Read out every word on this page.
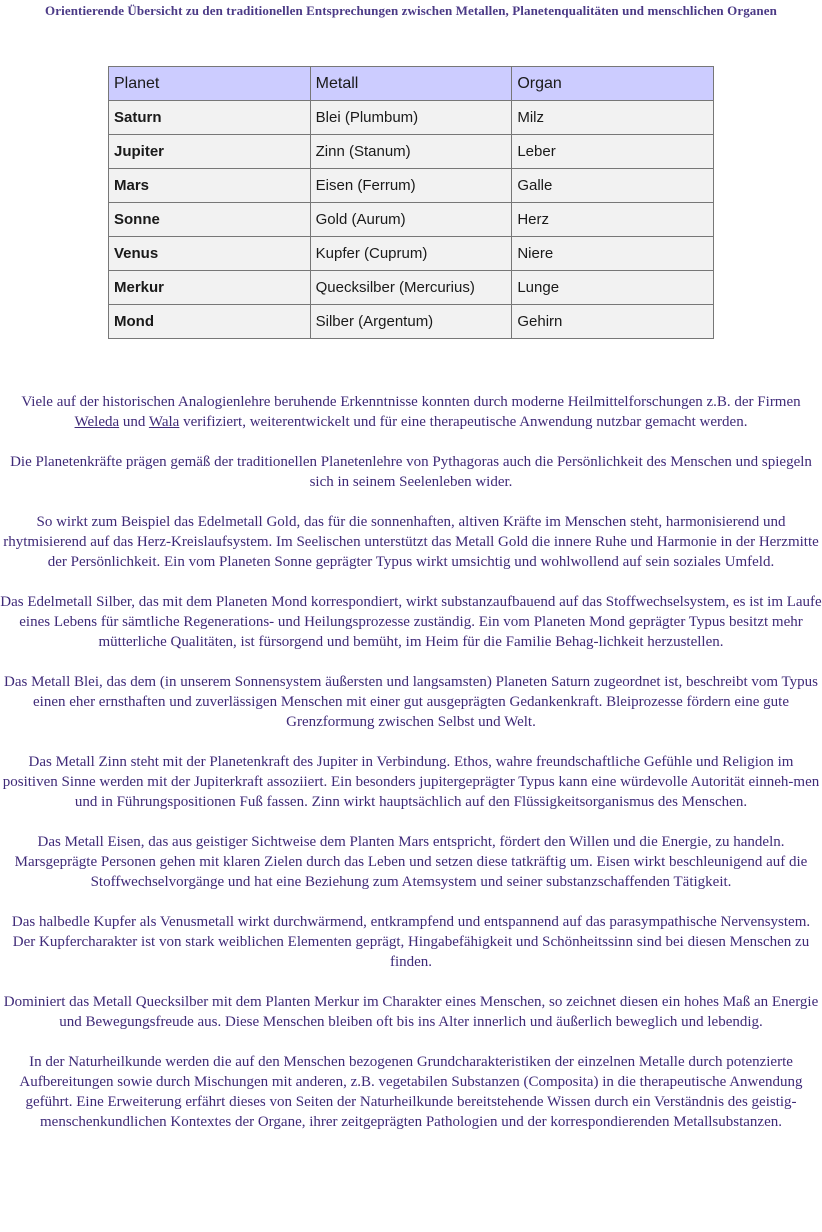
Orientierende Übersicht zu den traditionellen Entsprechungen zwischen Metallen, Planetenqualitäten und menschlichen Organen
Planet	Metall	Organ
Saturn	Blei (Plumbum)	Milz
Jupiter	Zinn (Stanum)	Leber
Mars	Eisen (Ferrum)	Galle
Sonne	Gold (Aurum)	Herz
Venus	Kupfer (Cuprum)	Niere
Merkur	Quecksilber (Mercurius)	Lunge
Mond	Silber (Argentum)	Gehirn

Viele auf der historischen Analogienlehre beruhende Erkenntnisse konnten durch moderne Heilmittelforschungen z.B. der Firmen Weleda und Wala verifiziert, weiterentwickelt und für eine therapeutische Anwendung nutzbar gemacht werden.

Die Planetenkräfte prägen gemäß der traditionellen Planetenlehre von Pythagoras auch die Persönlichkeit des Menschen und spiegeln sich in seinem Seelenleben wider.

So wirkt zum Beispiel das Edelmetall Gold, das für die sonnenhaften, altiven Kräfte im Menschen steht, harmonisierend und rhytmisierend auf das Herz-Kreislaufsystem. Im Seelischen unterstützt das Metall Gold die innere Ruhe und Harmonie in der Herzmitte der Persönlichkeit. Ein vom Planeten Sonne geprägter Typus wirkt umsichtig und wohlwollend auf sein soziales Umfeld.

Das Edelmetall Silber, das mit dem Planeten Mond korrespondiert, wirkt substanzaufbauend auf das Stoffwechselsystem, es ist im Laufe eines Lebens für sämtliche Regenerations- und Heilungsprozesse zuständig. Ein vom Planeten Mond geprägter Typus besitzt mehr mütterliche Qualitäten, ist fürsorgend und bemüht, im Heim für die Familie Behag-lichkeit herzustellen.

Das Metall Blei, das dem (in unserem Sonnensystem äußersten und langsamsten) Planeten Saturn zugeordnet ist, beschreibt vom Typus einen eher ernsthaften und zuverlässigen Menschen mit einer gut ausgeprägten Gedankenkraft. Bleiprozesse fördern eine gute Grenzformung zwischen Selbst und Welt.

Das Metall Zinn steht mit der Planetenkraft des Jupiter in Verbindung. Ethos, wahre freundschaftliche Gefühle und Religion im positiven Sinne werden mit der Jupiterkraft assoziiert. Ein besonders jupitergeprägter Typus kann eine würdevolle Autorität einneh-men und in Führungspositionen Fuß fassen. Zinn wirkt hauptsächlich auf den Flüssigkeitsorganismus des Menschen.

Das Metall Eisen, das aus geistiger Sichtweise dem Planten Mars entspricht, fördert den Willen und die Energie, zu handeln. Marsgeprägte Personen gehen mit klaren Zielen durch das Leben und setzen diese tatkräftig um. Eisen wirkt beschleunigend auf die Stoffwechselvorgänge und hat eine Beziehung zum Atemsystem und seiner substanzschaffenden Tätigkeit.

Das halbedle Kupfer als Venusmetall wirkt durchwärmend, entkrampfend und entspannend auf das parasympathische Nervensystem. Der Kupfercharakter ist von stark weiblichen Elementen geprägt, Hingabefähigkeit und Schönheitssinn sind bei diesen Menschen zu finden.

Dominiert das Metall Quecksilber mit dem Planten Merkur im Charakter eines Menschen, so zeichnet diesen ein hohes Maß an Energie und Bewegungsfreude aus. Diese Menschen bleiben oft bis ins Alter innerlich und äußerlich beweglich und lebendig.

In der Naturheilkunde werden die auf den Menschen bezogenen Grundcharakteristiken der einzelnen Metalle durch potenzierte Aufbereitungen sowie durch Mischungen mit anderen, z.B. vegetabilen Substanzen (Composita) in die therapeutische Anwendung geführt. Eine Erweiterung erfährt dieses von Seiten der Naturheilkunde bereitstehende Wissen durch ein Verständnis des geistig-menschenkundlichen Kontextes der Organe, ihrer zeitgeprägten Pathologien und der korrespondierenden Metallsubstanzen.
